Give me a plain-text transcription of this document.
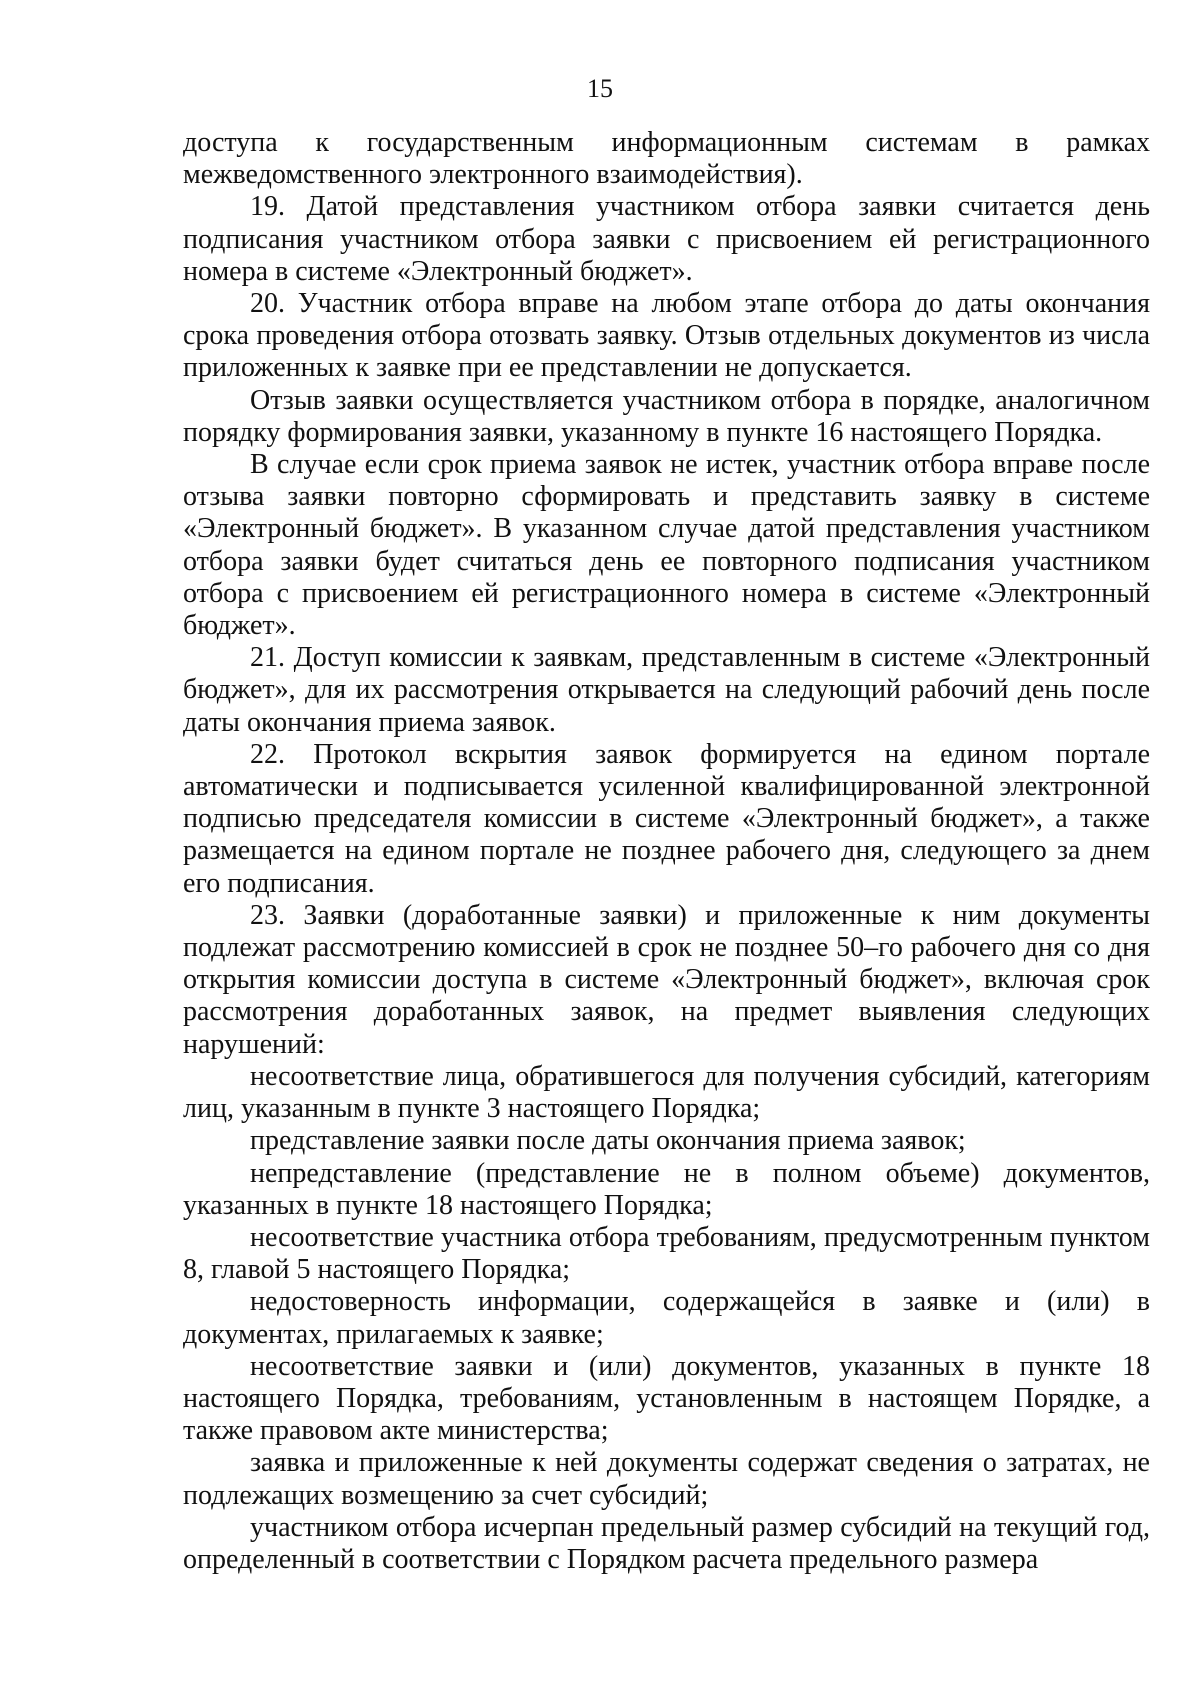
15

доступа к государственным информационным системам в рамках межведомственного электронного взаимодействия).

19. Датой представления участником отбора заявки считается день подписания участником отбора заявки с присвоением ей регистрационного номера в системе «Электронный бюджет».

20. Участник отбора вправе на любом этапе отбора до даты окончания срока проведения отбора отозвать заявку. Отзыв отдельных документов из числа приложенных к заявке при ее представлении не допускается.

Отзыв заявки осуществляется участником отбора в порядке, аналогичном порядку формирования заявки, указанному в пункте 16 настоящего Порядка.

В случае если срок приема заявок не истек, участник отбора вправе после отзыва заявки повторно сформировать и представить заявку в системе «Электронный бюджет». В указанном случае датой представления участником отбора заявки будет считаться день ее повторного подписания участником отбора с присвоением ей регистрационного номера в системе «Электронный бюджет».

21. Доступ комиссии к заявкам, представленным в системе «Электронный бюджет», для их рассмотрения открывается на следующий рабочий день после даты окончания приема заявок.

22. Протокол вскрытия заявок формируется на едином портале автоматически и подписывается усиленной квалифицированной электронной подписью председателя комиссии в системе «Электронный бюджет», а также размещается на едином портале не позднее рабочего дня, следующего за днем его подписания.

23. Заявки (доработанные заявки) и приложенные к ним документы подлежат рассмотрению комиссией в срок не позднее 50–го рабочего дня со дня открытия комиссии доступа в системе «Электронный бюджет», включая срок рассмотрения доработанных заявок, на предмет выявления следующих нарушений:

несоответствие лица, обратившегося для получения субсидий, категориям лиц, указанным в пункте 3 настоящего Порядка;

представление заявки после даты окончания приема заявок;

непредставление (представление не в полном объеме) документов, указанных в пункте 18 настоящего Порядка;

несоответствие участника отбора требованиям, предусмотренным пунктом 8, главой 5 настоящего Порядка;

недостоверность информации, содержащейся в заявке и (или) в документах, прилагаемых к заявке;

несоответствие заявки и (или) документов, указанных в пункте 18 настоящего Порядка, требованиям, установленным в настоящем Порядке, а также правовом акте министерства;

заявка и приложенные к ней документы содержат сведения о затратах, не подлежащих возмещению за счет субсидий;

участником отбора исчерпан предельный размер субсидий на текущий год, определенный в соответствии с Порядком расчета предельного размера
